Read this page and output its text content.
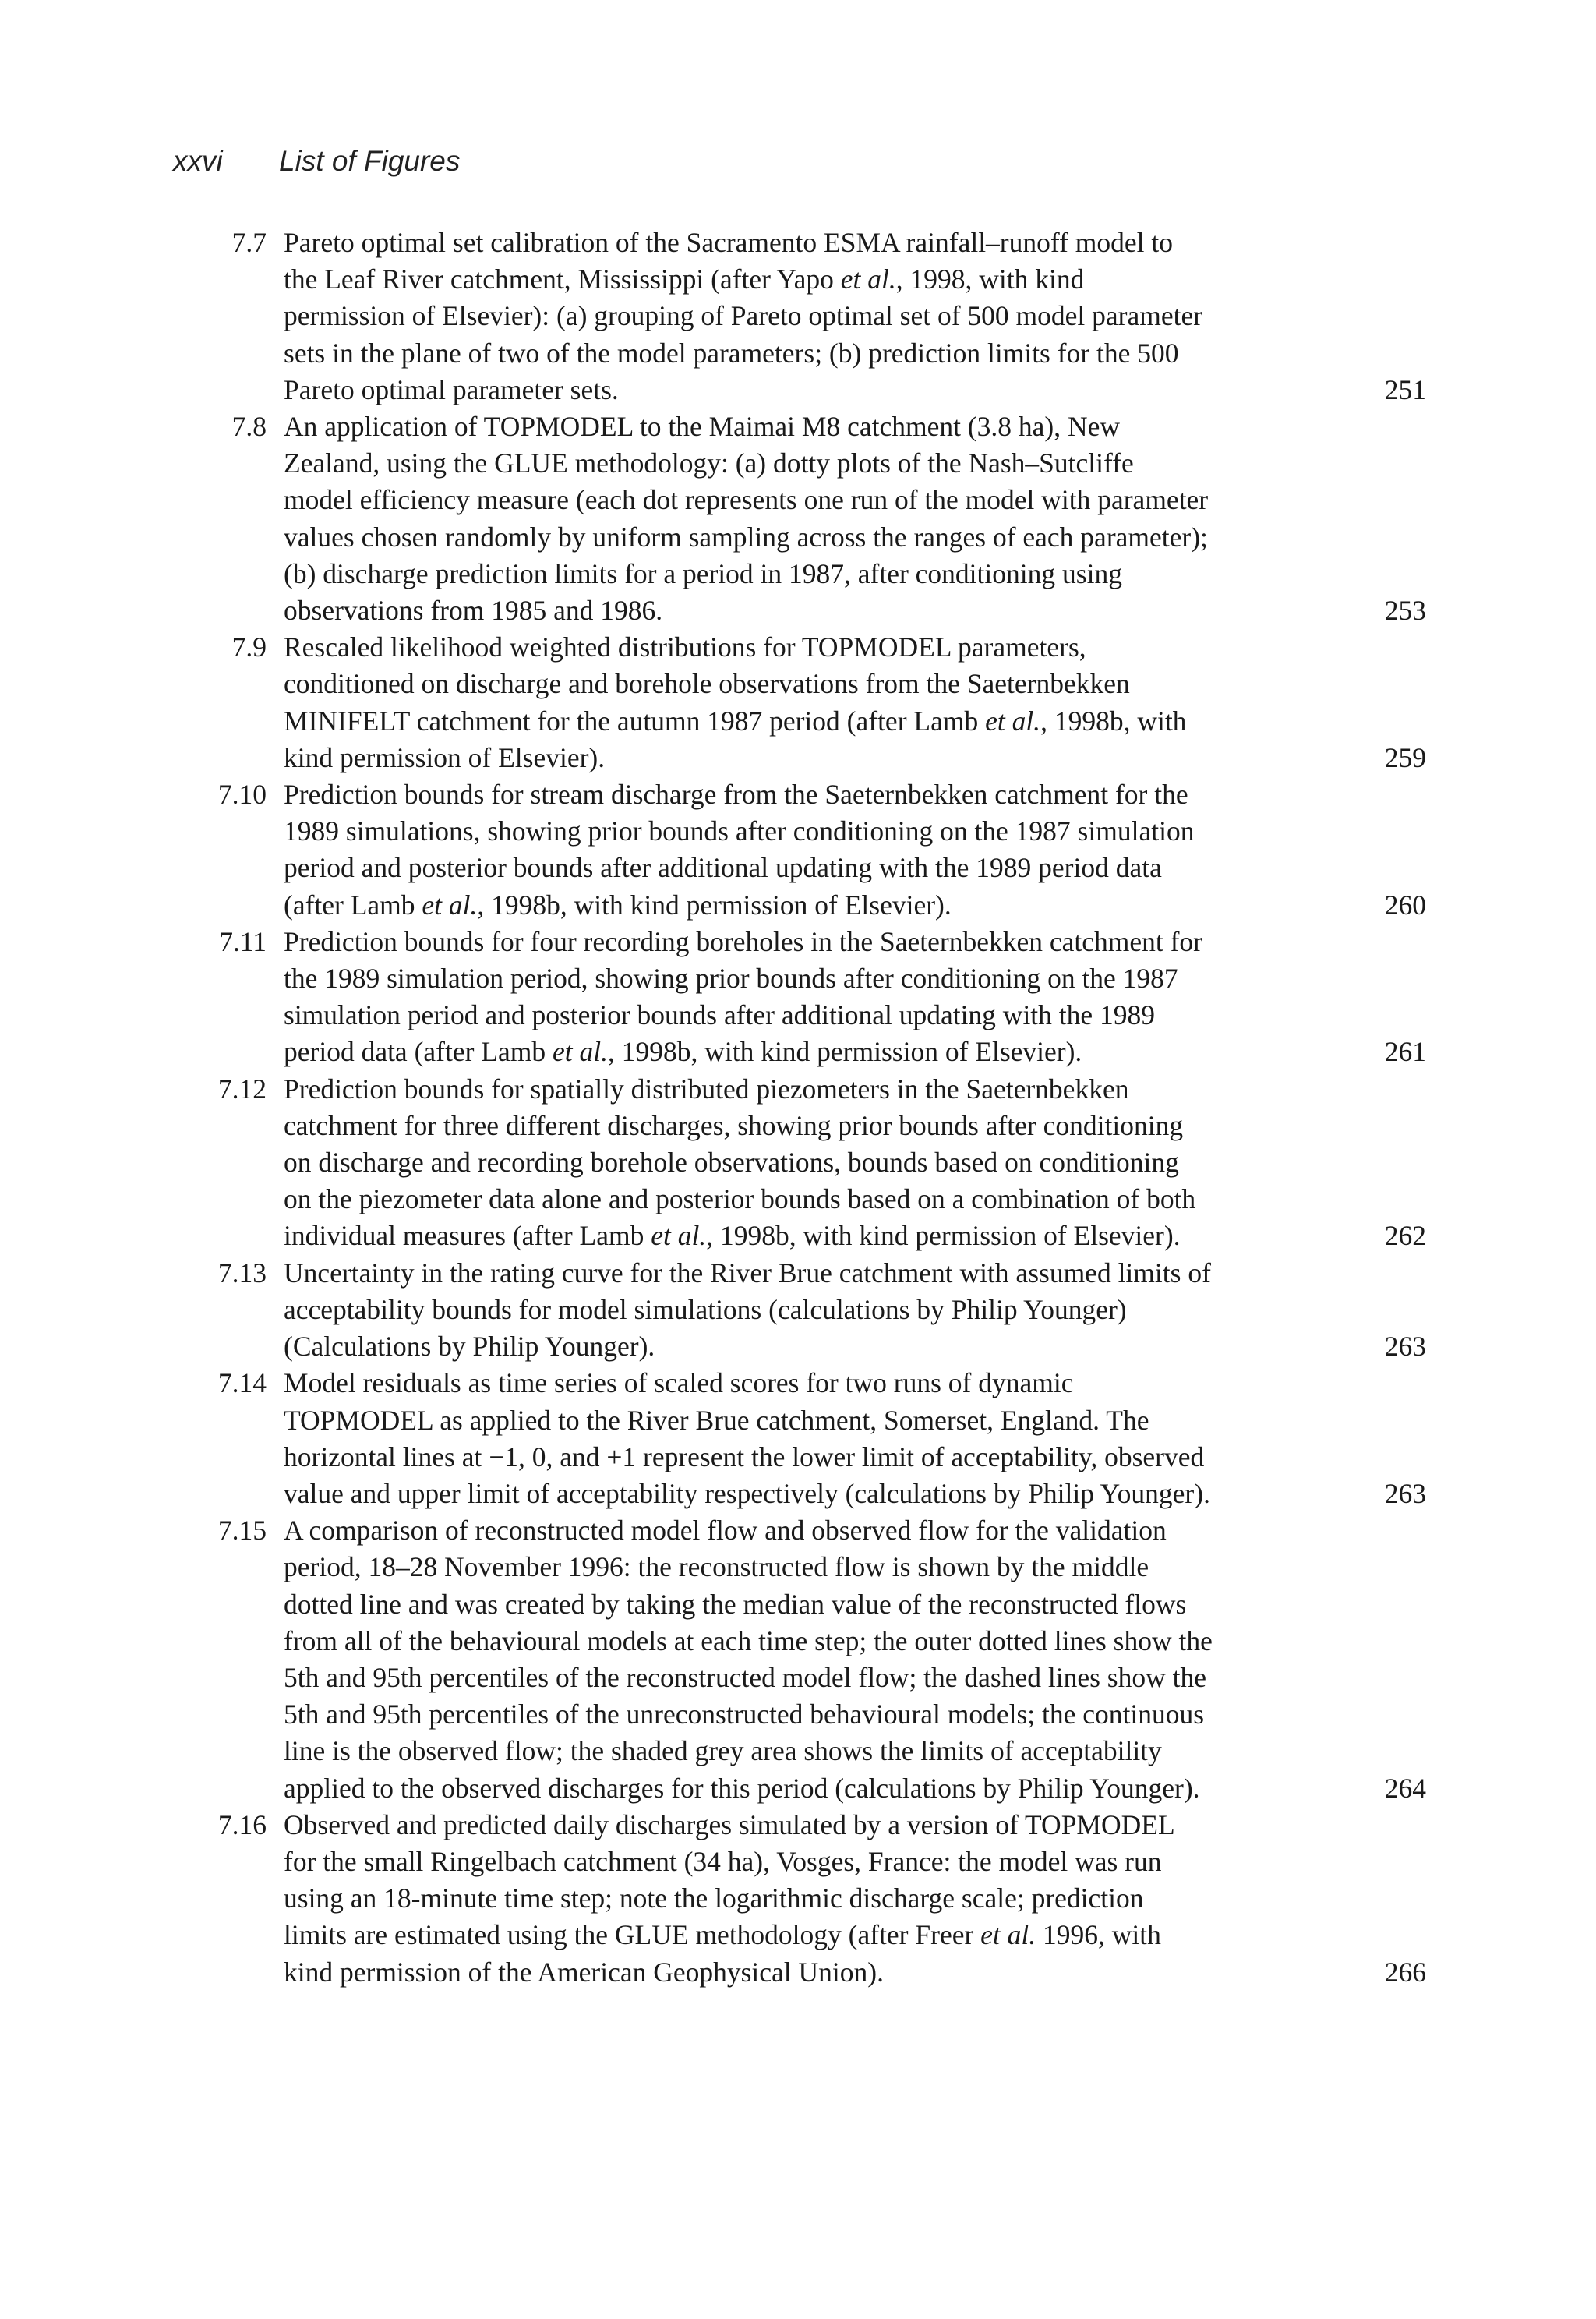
xxvi List of Figures
7.7 Pareto optimal set calibration of the Sacramento ESMA rainfall–runoff model to
the Leaf River catchment, Mississippi (after Yapo et al., 1998, with kind
permission of Elsevier): (a) grouping of Pareto optimal set of 500 model parameter
sets in the plane of two of the model parameters; (b) prediction limits for the 500
Pareto optimal parameter sets.	251
7.8 An application of TOPMODEL to the Maimai M8 catchment (3.8 ha), New
Zealand, using the GLUE methodology: (a) dotty plots of the Nash–Sutcliffe
model efficiency measure (each dot represents one run of the model with parameter
values chosen randomly by uniform sampling across the ranges of each parameter);
(b) discharge prediction limits for a period in 1987, after conditioning using
observations from 1985 and 1986.	253
7.9 Rescaled likelihood weighted distributions for TOPMODEL parameters,
conditioned on discharge and borehole observations from the Saeternbekken
MINIFELT catchment for the autumn 1987 period (after Lamb et al., 1998b, with
kind permission of Elsevier).	259
7.10 Prediction bounds for stream discharge from the Saeternbekken catchment for the
1989 simulations, showing prior bounds after conditioning on the 1987 simulation
period and posterior bounds after additional updating with the 1989 period data
(after Lamb et al., 1998b, with kind permission of Elsevier).	260
7.11 Prediction bounds for four recording boreholes in the Saeternbekken catchment for
the 1989 simulation period, showing prior bounds after conditioning on the 1987
simulation period and posterior bounds after additional updating with the 1989
period data (after Lamb et al., 1998b, with kind permission of Elsevier).	261
7.12 Prediction bounds for spatially distributed piezometers in the Saeternbekken
catchment for three different discharges, showing prior bounds after conditioning
on discharge and recording borehole observations, bounds based on conditioning
on the piezometer data alone and posterior bounds based on a combination of both
individual measures (after Lamb et al., 1998b, with kind permission of Elsevier).	262
7.13 Uncertainty in the rating curve for the River Brue catchment with assumed limits of
acceptability bounds for model simulations (calculations by Philip Younger)
(Calculations by Philip Younger).	263
7.14 Model residuals as time series of scaled scores for two runs of dynamic
TOPMODEL as applied to the River Brue catchment, Somerset, England. The
horizontal lines at −1, 0, and +1 represent the lower limit of acceptability, observed
value and upper limit of acceptability respectively (calculations by Philip Younger).	263
7.15 A comparison of reconstructed model flow and observed flow for the validation
period, 18–28 November 1996: the reconstructed flow is shown by the middle
dotted line and was created by taking the median value of the reconstructed flows
from all of the behavioural models at each time step; the outer dotted lines show the
5th and 95th percentiles of the reconstructed model flow; the dashed lines show the
5th and 95th percentiles of the unreconstructed behavioural models; the continuous
line is the observed flow; the shaded grey area shows the limits of acceptability
applied to the observed discharges for this period (calculations by Philip Younger).	264
7.16 Observed and predicted daily discharges simulated by a version of TOPMODEL
for the small Ringelbach catchment (34 ha), Vosges, France: the model was run
using an 18-minute time step; note the logarithmic discharge scale; prediction
limits are estimated using the GLUE methodology (after Freer et al. 1996, with
kind permission of the American Geophysical Union).	266
